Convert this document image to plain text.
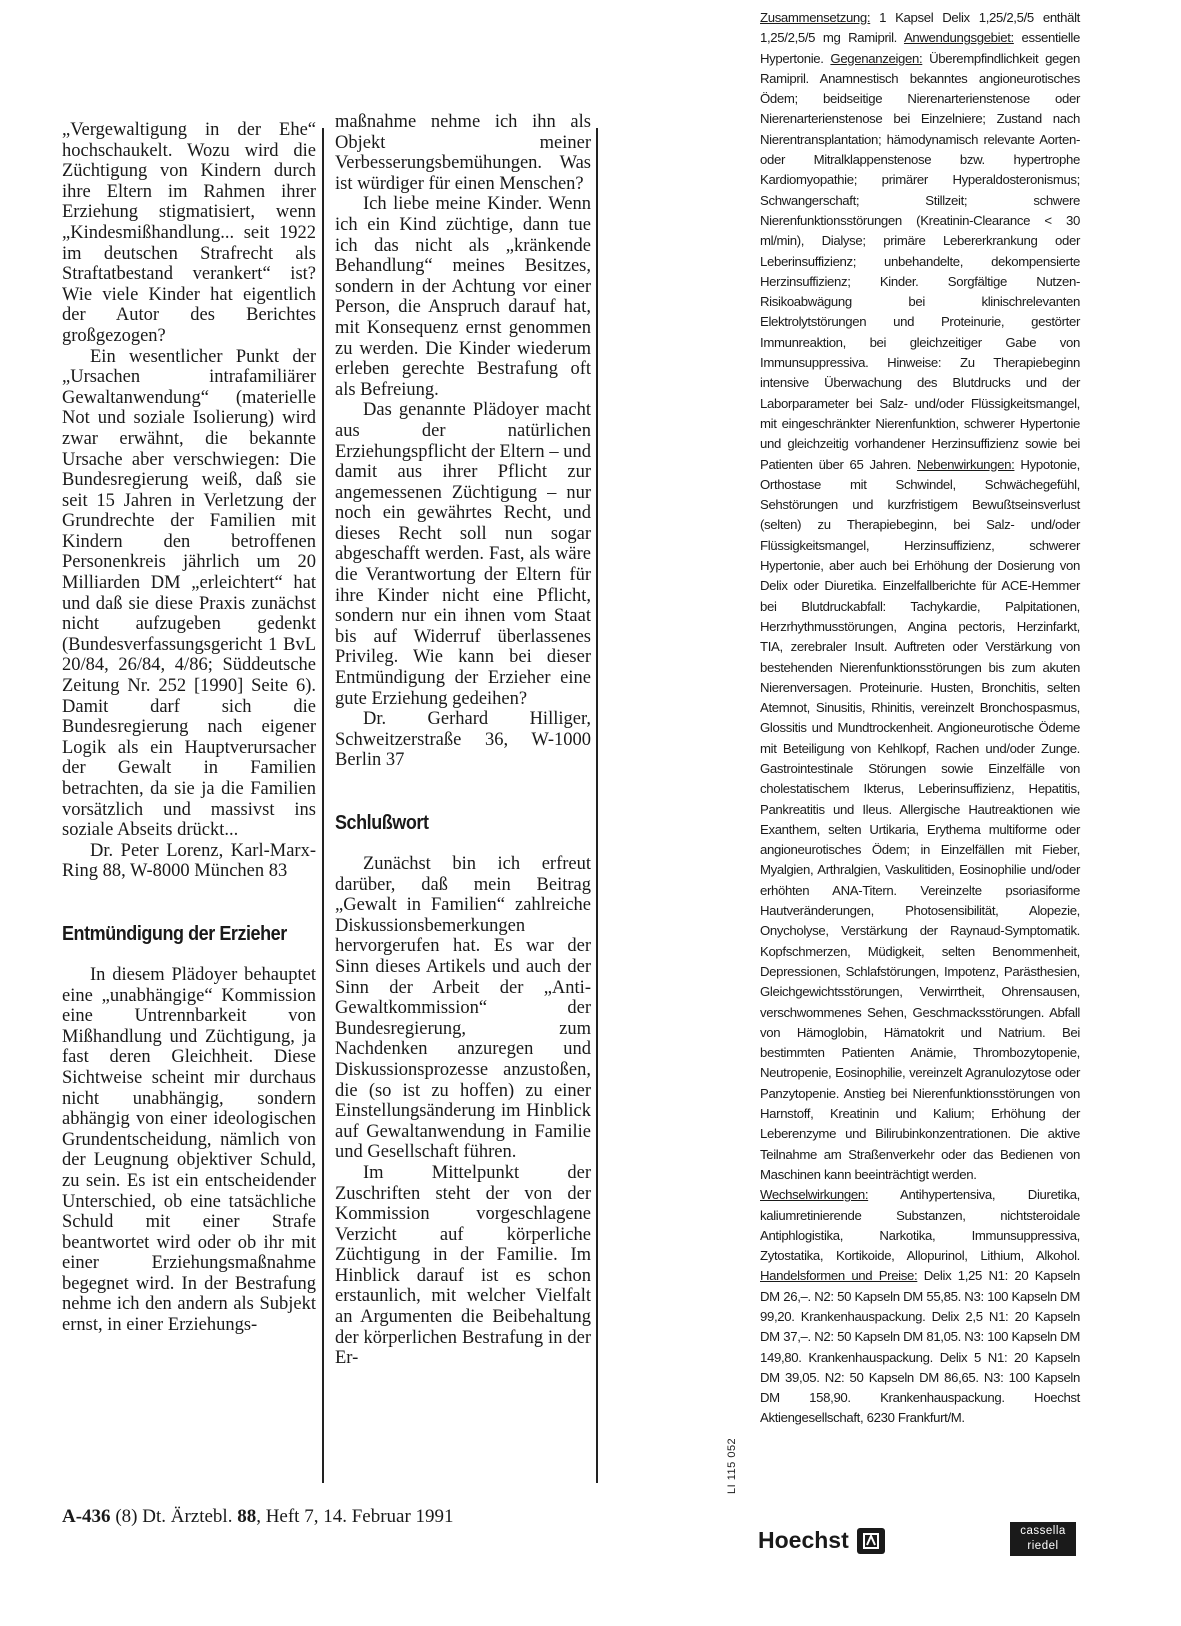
„Vergewaltigung in der Ehe“ hochschaukelt. Wozu wird die Züchtigung von Kindern durch ihre Eltern im Rahmen ihrer Erziehung stigmatisiert, wenn „Kindesmißhandlung... seit 1922 im deutschen Strafrecht als Straftatbestand verankert“ ist? Wie viele Kinder hat eigentlich der Autor des Berichtes großgezogen?

Ein wesentlicher Punkt der „Ursachen intrafamiliärer Gewaltanwendung“ (materielle Not und soziale Isolierung) wird zwar erwähnt, die bekannte Ursache aber verschwiegen: Die Bundesregierung weiß, daß sie seit 15 Jahren in Verletzung der Grundrechte der Familien mit Kindern den betroffenen Personenkreis jährlich um 20 Milliarden DM „erleichtert“ hat und daß sie diese Praxis zunächst nicht aufzugeben gedenkt (Bundesverfassungsgericht 1 BvL 20/84, 26/84, 4/86; Süddeutsche Zeitung Nr. 252 [1990] Seite 6). Damit darf sich die Bundesregierung nach eigener Logik als ein Hauptverursacher der Gewalt in Familien betrachten, da sie ja die Familien vorsätzlich und massivst ins soziale Abseits drückt...

Dr. Peter Lorenz, Karl-Marx-Ring 88, W-8000 München 83

Entmündigung der Erzieher

In diesem Plädoyer behauptet eine „unabhängige“ Kommission eine Untrennbarkeit von Mißhandlung und Züchtigung, ja fast deren Gleichheit. Diese Sichtweise scheint mir durchaus nicht unabhängig, sondern abhängig von einer ideologischen Grundentscheidung, nämlich von der Leugnung objektiver Schuld, zu sein. Es ist ein entscheidender Unterschied, ob eine tatsächliche Schuld mit einer Strafe beantwortet wird oder ob ihr mit einer Erziehungsmaßnahme begegnet wird. In der Bestrafung nehme ich den andern als Subjekt ernst, in einer Erziehungs-

maßnahme nehme ich ihn als Objekt meiner Verbesserungsbemühungen. Was ist würdiger für einen Menschen?

Ich liebe meine Kinder. Wenn ich ein Kind züchtige, dann tue ich das nicht als „kränkende Behandlung“ meines Besitzes, sondern in der Achtung vor einer Person, die Anspruch darauf hat, mit Konsequenz ernst genommen zu werden. Die Kinder wiederum erleben gerechte Bestrafung oft als Befreiung.

Das genannte Plädoyer macht aus der natürlichen Erziehungspflicht der Eltern – und damit aus ihrer Pflicht zur angemessenen Züchtigung – nur noch ein gewährtes Recht, und dieses Recht soll nun sogar abgeschafft werden. Fast, als wäre die Verantwortung der Eltern für ihre Kinder nicht eine Pflicht, sondern nur ein ihnen vom Staat bis auf Widerruf überlassenes Privileg. Wie kann bei dieser Entmündigung der Erzieher eine gute Erziehung gedeihen?

Dr. Gerhard Hilliger, Schweitzerstraße 36, W-1000 Berlin 37

Schlußwort

Zunächst bin ich erfreut darüber, daß mein Beitrag „Gewalt in Familien“ zahlreiche Diskussionsbemerkungen hervorgerufen hat. Es war der Sinn dieses Artikels und auch der Sinn der Arbeit der „Anti-Gewaltkommission“ der Bundesregierung, zum Nachdenken anzuregen und Diskussionsprozesse anzustoßen, die (so ist zu hoffen) zu einer Einstellungsänderung im Hinblick auf Gewaltanwendung in Familie und Gesellschaft führen.

Im Mittelpunkt der Zuschriften steht der von der Kommission vorgeschlagene Verzicht auf körperliche Züchtigung in der Familie. Im Hinblick darauf ist es schon erstaunlich, mit welcher Vielfalt an Argumenten die Beibehaltung der körperlichen Bestrafung in der Er-

Zusammensetzung: 1 Kapsel Delix 1,25/2,5/5 enthält 1,25/2,5/5 mg Ramipril. Anwendungsgebiet: essentielle Hypertonie. Gegenanzeigen: Überempfindlichkeit gegen Ramipril. Anamnestisch bekanntes angioneurotisches Ödem; beidseitige Nierenarterienstenose oder Nierenarterienstenose bei Einzelniere; Zustand nach Nierentransplantation; hämodynamisch relevante Aorten- oder Mitralklappenstenose bzw. hypertrophe Kardiomyopathie; primärer Hyperaldosteronismus; Schwangerschaft; Stillzeit; schwere Nierenfunktionsstörungen (Kreatinin-Clearance < 30 ml/min), Dialyse; primäre Lebererkrankung oder Leberinsuffizienz; unbehandelte, dekompensierte Herzinsuffizienz; Kinder. Sorgfältige Nutzen-Risikoabwägung bei klinischrelevanten Elektrolytstörungen und Proteinurie, gestörter Immunreaktion, bei gleichzeitiger Gabe von Immunsuppressiva. Hinweise: Zu Therapiebeginn intensive Überwachung des Blutdrucks und der Laborparameter bei Salz- und/oder Flüssigkeitsmangel, mit eingeschränkter Nierenfunktion, schwerer Hypertonie und gleichzeitig vorhandener Herzinsuffizienz sowie bei Patienten über 65 Jahren. Nebenwirkungen: Hypotonie, Orthostase mit Schwindel, Schwächegefühl, Sehstörungen und kurzfristigem Bewußtseinsverlust (selten) zu Therapiebeginn, bei Salz- und/oder Flüssigkeitsmangel, Herzinsuffizienz, schwerer Hypertonie, aber auch bei Erhöhung der Dosierung von Delix oder Diuretika. Einzelfallberichte für ACE-Hemmer bei Blutdruckabfall: Tachykardie, Palpitationen, Herzrhythmusstörungen, Angina pectoris, Herzinfarkt, TIA, zerebraler Insult. Auftreten oder Verstärkung von bestehenden Nierenfunktionsstörungen bis zum akuten Nierenversagen. Proteinurie. Husten, Bronchitis, selten Atemnot, Sinusitis, Rhinitis, vereinzelt Bronchospasmus, Glossitis und Mundtrockenheit. Angioneurotische Ödeme mit Beteiligung von Kehlkopf, Rachen und/oder Zunge. Gastrointestinale Störungen sowie Einzelfälle von cholestatischem Ikterus, Leberinsuffizienz, Hepatitis, Pankreatitis und Ileus. Allergische Hautreaktionen wie Exanthem, selten Urtikaria, Erythema multiforme oder angioneurotisches Ödem; in Einzelfällen mit Fieber, Myalgien, Arthralgien, Vaskulitiden, Eosinophilie und/oder erhöhten ANA-Titern. Vereinzelte psoriasiforme Hautveränderungen, Photosensibilität, Alopezie, Onycholyse, Verstärkung der Raynaud-Symptomatik. Kopfschmerzen, Müdigkeit, selten Benommenheit, Depressionen, Schlafstörungen, Impotenz, Parästhesien, Gleichgewichtsstörungen, Verwirrtheit, Ohrensausen, verschwommenes Sehen, Geschmacksstörungen. Abfall von Hämoglobin, Hämatokrit und Natrium. Bei bestimmten Patienten Anämie, Thrombozytopenie, Neutropenie, Eosinophilie, vereinzelt Agranulozytose oder Panzytopenie. Anstieg bei Nierenfunktionsstörungen von Harnstoff, Kreatinin und Kalium; Erhöhung der Leberenzyme und Bilirubinkonzentrationen. Die aktive Teilnahme am Straßenverkehr oder das Bedienen von Maschinen kann beeinträchtigt werden.

Wechselwirkungen: Antihypertensiva, Diuretika, kaliumretinierende Substanzen, nichtsteroidale Antiphlogistika, Narkotika, Immunsuppressiva, Zytostatika, Kortikoide, Allopurinol, Lithium, Alkohol. Handelsformen und Preise: Delix 1,25 N1: 20 Kapseln DM 26,–. N2: 50 Kapseln DM 55,85. N3: 100 Kapseln DM 99,20. Krankenhauspackung. Delix 2,5 N1: 20 Kapseln DM 37,–. N2: 50 Kapseln DM 81,05. N3: 100 Kapseln DM 149,80. Krankenhauspackung. Delix 5 N1: 20 Kapseln DM 39,05. N2: 50 Kapseln DM 86,65. N3: 100 Kapseln DM 158,90. Krankenhauspackung. Hoechst Aktiengesellschaft, 6230 Frankfurt/M.

A-436 (8) Dt. Ärztebl. 88, Heft 7, 14. Februar 1991
LI 115 052
Hoechst	cassella
riedel
